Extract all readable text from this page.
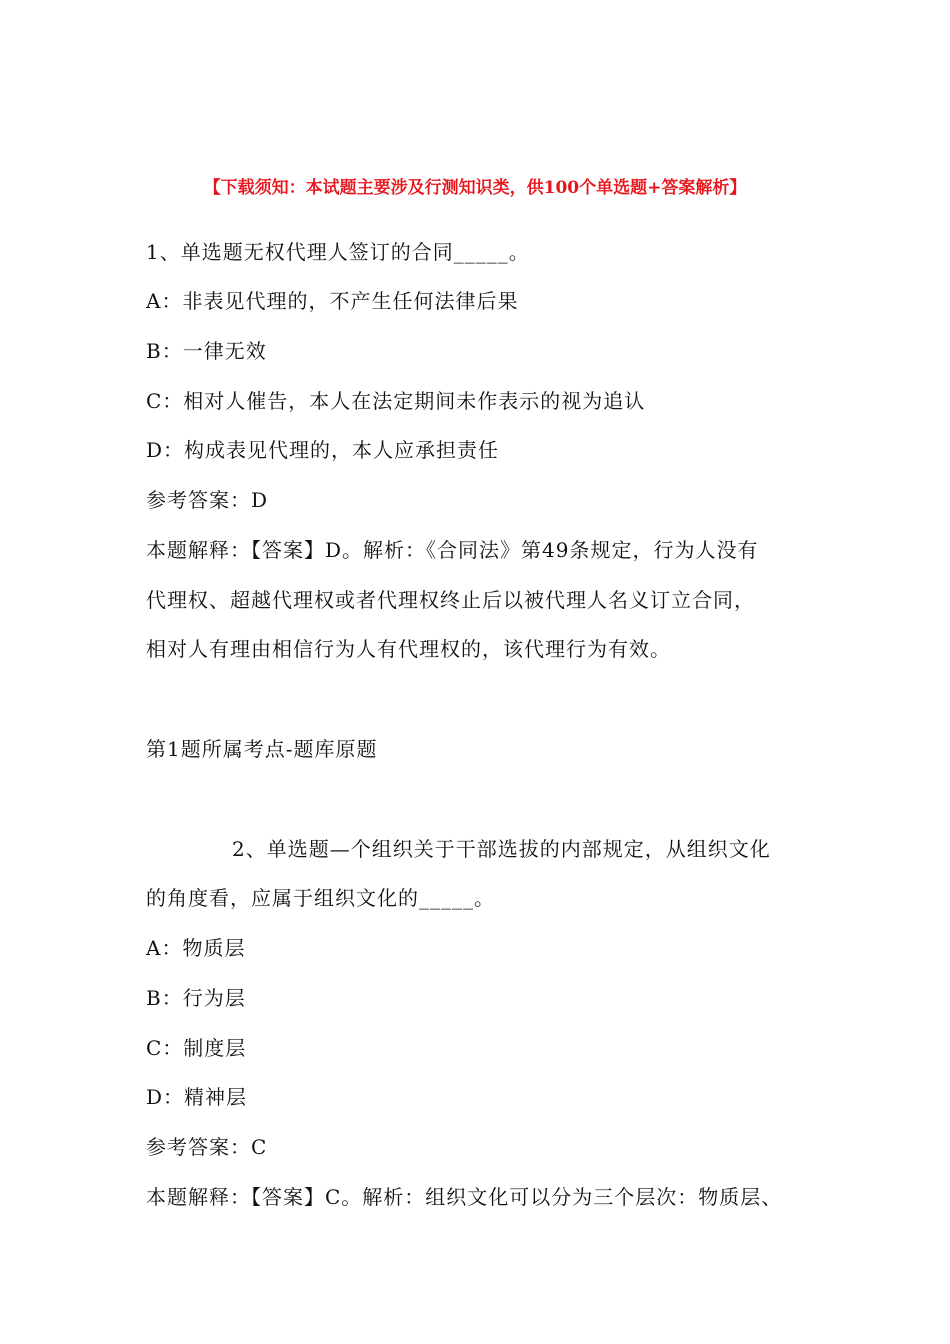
【下载须知：本试题主要涉及行测知识类，供100个单选题+答案解析】
1、单选题无权代理人签订的合同_____。
A：非表见代理的，不产生任何法律后果
B：一律无效
C：相对人催告，本人在法定期间未作表示的视为追认
D：构成表见代理的，本人应承担责任
参考答案：D
本题解释：【答案】D。解析：《合同法》第49条规定，行为人没有
代理权、超越代理权或者代理权终止后以被代理人名义订立合同，
相对人有理由相信行为人有代理权的，该代理行为有效。
第1题所属考点-题库原题
2、单选题—个组织关于干部选拔的内部规定，从组织文化
的角度看，应属于组织文化的_____。
A：物质层
B：行为层
C：制度层
D：精神层
参考答案：C
本题解释：【答案】C。解析：组织文化可以分为三个层次：物质层、
